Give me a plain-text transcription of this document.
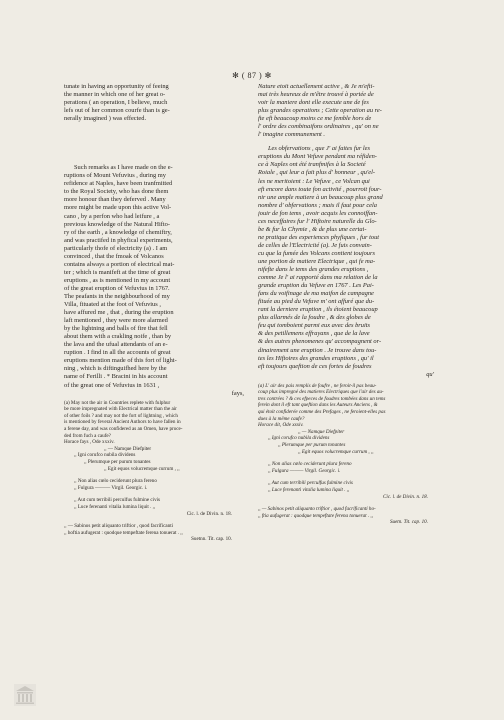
✻ ( 87 ) ✻

tunate in having an opportunity of feeing
the manner in which one of her great o-
perations ( an operation, I believe, much
lefs out of her common courfe than is ge-
nerally imagined ) was effected.

Such remarks as I have made on the e-
ruptions of Mount Vefuvius , during my
refidence at Naples, have been tranfmitted
to the Royal Society, who has done them
more honour than they deferved . Many
more might be made upon this active Vol-
cano , by a perfon who had leifure , a
previous knowledge of the Natural Hifto-
ry of the earth , a knowledge of chemiftry,
and was practifed in phyfical experiments,
particularly thofe of electricity (a) . I am
convinced , that the fmoak of Volcanos
contains always a portion of electrical mat-
ter ; which is manifeft at the time of great
eruptions , as is mentioned in my account
of the great eruption of Vefuvius in 1767.
The peafants in the neighbourhood of my
Villa, fituated at the foot of Vefuvius ,
have affured me , that , during the eruption
laft mentioned , they were more alarmed
by the lightning and balls of fire that fell
about them with a crakling noife , than by
the lava and the ufual attendants of an e-
ruption . I find in all the accounts of great
eruptions mention made of this fort of light-
ning , which is diftinguifhed here by the
name of Ferilli . * Bracini in his account
of the great one of Vefuvius in 1631 ,
fays,

(a) May not the air in Countries replete with fulphur
be more impregnated with Electrical matter than the air
of other foils ? and may not the fort of lightning , which
is mentioned by feveral Ancient Authors to have fallen in
a ferene day, and was confidered as an Omen, have proce-
ded from fuch a caufe?
Horace fays , Ode xxxiv.
,, — Namque Diefpiter
,, Igni corufco nubila dividens
,, Plerumque per purum tonantes
,, Egit equos volucremque currum , ,,
,, Non alias cœlo ceciderunt plura fereno
,, Fulgura ——— Virgil. Georgic. i.
,, Aut cum terribili perculfus fulmine civis
,, Luce ferenanti vitalia lumina liquit . ,,
Cic. l. de Divin. n. 18.
,, — Sabinos petit aliquanto triftior , quod facrificanti
,, hoftia aufugerat : quodque tempeftate ferena tonuerat . ,,
Suetnn. Tit. cap. 10.

Nature etoit actuellement active , & Je m'efti-
mai très heureux de m'être trouvé à portée de
voir la maniere dont elle execute une de fes
plus grandes operations ; Cette operation au re-
fte eft beaucoup moins ce me femble hors de
l' ordre des combinaifons ordinaires , qu' on ne
l' imagine communement .

Les obfervations , que J' ai faites fur les
eruptions du Mont Vefuve pendant ma réfiden-
ce à Naples ont été tranfmifes à la Societé
Roiale , qui leur a fait plus d' honneur , qu'el-
les ne meritoient : Le Vefuve , ce Volcan qui
eft encore dans toute fon activité , pourroit four-
nir une ample matiere à un beaucoup plus grand
nombre d' obfervations ; mais il faut pour cela
jouir de fon tems , avoir acquis les connoiffan-
ces neceffaires fur l' Hiftoire naturelle du Glo-
be & fur la Chymie , & de plus une certai-
ne pratique des experiences phyfiques , fur tout
de celles de l'Electricité (a). Je fuis convain-
cu que la fumée des Volcans contient toujours
une portion de matiere Electrique , qui fe ma-
nifefte dans le tems des grandes eruptions ,
comme Je l' ai rapporté dans ma relation de la
grande eruption du Vefuve en 1767 . Les Pai-
fans du voifinage de ma maifon de campagne
fituée au pied du Vefuve m' ont affuré que du-
rant la derniere eruption , ils étoient beaucoup
plus allarmés de la foudre , & des globes de
feu qui tomboient parmi eux avec des bruits
& des petillemens effrayans , que de la lave
& des autres phenomenes qu' accompagnent or-
dinairement une eruption . Je trouve dans tou-
tes les Hiftoires des grandes eruptions , qu' il
eft toujours queftion de ces fortes de foudres
qu'

(a) L' air des pais remplis de foufre , ne feroit-il pas beau-
coup plus impregné des matieres Electriques que l'air des au-
tres contrées ? & ces efpeces de foudres tombées dans un tems
ferein dont il eft tant queftion dans les Auteurs Anciens , &
qui étoit confiderée comme des Prefages , ne feroient-elles pas
dues à la même caufe?
Horace dit, Ode xxxiv.
,, — Namque Diefpiter
,, Igni corufco nubila dividens
,, Plerumque per purum tonantes
,, Egit equos volucremque currum , ,,
,, Non alias cœlo ceciderunt plura fereno
,, Fulgura ——— Virgil. Georgic. i.
,, Aut cum terribili perculfus fulmine civis
,, Luce ferenanti vitalia lumina liquit . ,,
Cic. l. de Divin. n. 18.
,, — Sabinos petit aliquanto triftior , quod facrificanti ho-
,, ftia aufugerat : quodque tempeftate ferena tonuerat . ,,
Suetn. Tit. cap. 10.
